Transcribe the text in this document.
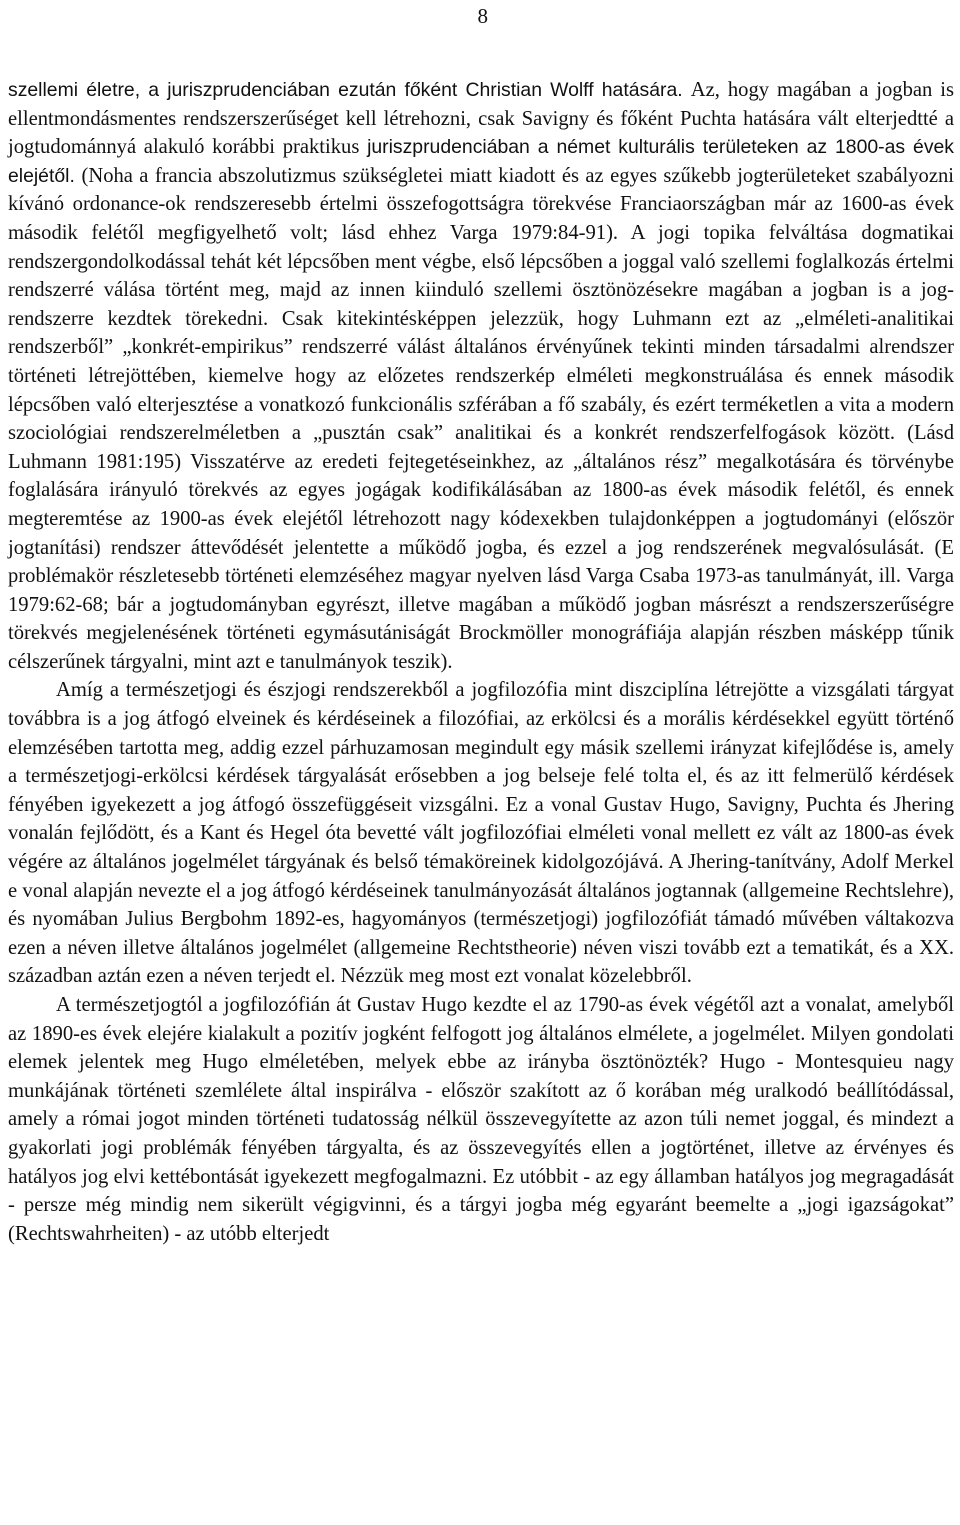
8

szellemi életre, a juriszprudenciában ezután főként Christian Wolff hatására. Az, hogy magában a jogban is ellentmondásmentes rendszerszerűséget kell létrehozni, csak Savigny és főként Puchta hatására vált elterjedtté a jogtudománnyá alakuló korábbi praktikus juriszprudenciában a német kulturális területeken az 1800-as évek elejétől. (Noha a francia abszolutizmus szükségletei miatt kiadott és az egyes szűkebb jogterületeket szabályozni kívánó ordonance-ok rendszeresebb értelmi összefogottságra törekvése Franciaországban már az 1600-as évek második felétől megfigyelhető volt; lásd ehhez Varga 1979:84-91). A jogi topika felváltása dogmatikai rendszergondolkodással tehát két lépcsőben ment végbe, első lépcsőben a joggal való szellemi foglalkozás értelmi rendszerré válása történt meg, majd az innen kiinduló szellemi ösztönözésekre magában a jogban is a jog-rendszerre kezdtek törekedni. Csak kitekintésképpen jelezzük, hogy Luhmann ezt az „elméleti-analitikai rendszerből” „konkrét-empirikus” rendszerré válást általános érvényűnek tekinti minden társadalmi alrendszer történeti létrejöttében, kiemelve hogy az előzetes rendszerkép elméleti megkonstruálása és ennek második lépcsőben való elterjesztése a vonatkozó funkcionális szférában a fő szabály, és ezért terméketlen a vita a modern szociológiai rendszerelméletben a „pusztán csak” analitikai és a konkrét rendszerfelfogások között. (Lásd Luhmann 1981:195) Visszatérve az eredeti fejtegetéseinkhez, az „általános rész” megalkotására és törvénybe foglalására irányuló törekvés az egyes jogágak kodifikálásában az 1800-as évek második felétől, és ennek megteremtése az 1900-as évek elejétől létrehozott nagy kódexekben tulajdonképpen a jogtudományi (először jogtanítási) rendszer áttevődését jelentette a működő jogba, és ezzel a jog rendszerének megvalósulását. (E problémakör részletesebb történeti elemzéséhez magyar nyelven lásd Varga Csaba 1973-as tanulmányát, ill. Varga 1979:62-68; bár a jogtudományban egyrészt, illetve magában a működő jogban másrészt a rendszerszerűségre törekvés megjelenésének történeti egymásutániságát Brockmöller monográfiája alapján részben másképp tűnik célszerűnek tárgyalni, mint azt e tanulmányok teszik).

Amíg a természetjogi és észjogi rendszerekből a jogfilozófia mint diszciplína létrejötte a vizsgálati tárgyat továbbra is a jog átfogó elveinek és kérdéseinek a filozófiai, az erkölcsi és a morális kérdésekkel együtt történő elemzésében tartotta meg, addig ezzel párhuzamosan megindult egy másik szellemi irányzat kifejlődése is, amely a természetjogi-erkölcsi kérdések tárgyalását erősebben a jog belseje felé tolta el, és az itt felmerülő kérdések fényében igyekezett a jog átfogó összefüggéseit vizsgálni. Ez a vonal Gustav Hugo, Savigny, Puchta és Jhering vonalán fejlődött, és a Kant és Hegel óta bevetté vált jogfilozófiai elméleti vonal mellett ez vált az 1800-as évek végére az általános jogelmélet tárgyának és belső témaköreinek kidolgozójává. A Jhering-tanítvány, Adolf Merkel e vonal alapján nevezte el a jog átfogó kérdéseinek tanulmányozását általános jogtannak (allgemeine Rechtslehre), és nyomában Julius Bergbohm 1892-es, hagyományos (természetjogi) jogfilozófiát támadó művében váltakozva ezen a néven illetve általános jogelmélet (allgemeine Rechtstheorie) néven viszi tovább ezt a tematikát, és a XX. században aztán ezen a néven terjedt el. Nézzük meg most ezt vonalat közelebbről.

A természetjogtól a jogfilozófián át Gustav Hugo kezdte el az 1790-as évek végétől azt a vonalat, amelyből az 1890-es évek elejére kialakult a pozitív jogként felfogott jog általános elmélete, a jogelmélet. Milyen gondolati elemek jelentek meg Hugo elméletében, melyek ebbe az irányba ösztönözték? Hugo - Montesquieu nagy munkájának történeti szemlélete által inspirálva - először szakított az ő korában még uralkodó beállítódással, amely a római jogot minden történeti tudatosság nélkül összevegyítette az azon túli nemet joggal, és mindezt a gyakorlati jogi problémák fényében tárgyalta, és az összevegyítés ellen a jogtörténet, illetve az érvényes és hatályos jog elvi kettébontását igyekezett megfogalmazni. Ez utóbbit - az egy államban hatályos jog megragadását - persze még mindig nem sikerült végigvinni, és a tárgyi jogba még egyaránt beemelte a „jogi igazságokat” (Rechtswahrheiten) - az utóbb elterjedt
